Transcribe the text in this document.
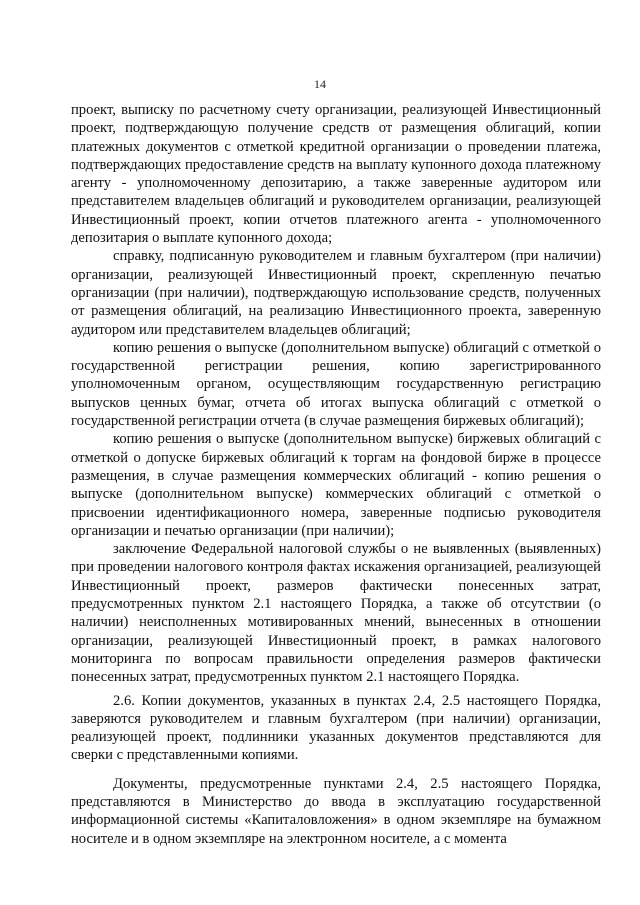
14

проект, выписку по расчетному счету организации, реализующей Инвестиционный проект, подтверждающую получение средств от размещения облигаций, копии платежных документов с отметкой кредитной организации о проведении платежа, подтверждающих предоставление средств на выплату купонного дохода платежному агенту - уполномоченному депозитарию, а также заверенные аудитором или представителем владельцев облигаций и руководителем организации, реализующей Инвестиционный проект, копии отчетов платежного агента - уполномоченного депозитария о выплате купонного дохода;

справку, подписанную руководителем и главным бухгалтером (при наличии) организации, реализующей Инвестиционный проект, скрепленную печатью организации (при наличии), подтверждающую использование средств, полученных от размещения облигаций, на реализацию Инвестиционного проекта, заверенную аудитором или представителем владельцев облигаций;

копию решения о выпуске (дополнительном выпуске) облигаций с отметкой о государственной регистрации решения, копию зарегистрированного уполномоченным органом, осуществляющим государственную регистрацию выпусков ценных бумаг, отчета об итогах выпуска облигаций с отметкой о государственной регистрации отчета (в случае размещения биржевых облигаций);

копию решения о выпуске (дополнительном выпуске) биржевых облигаций с отметкой о допуске биржевых облигаций к торгам на фондовой бирже в процессе размещения, в случае размещения коммерческих облигаций - копию решения о выпуске (дополнительном выпуске) коммерческих облигаций с отметкой о присвоении идентификационного номера, заверенные подписью руководителя организации и печатью организации (при наличии);

заключение Федеральной налоговой службы о не выявленных (выявленных) при проведении налогового контроля фактах искажения организацией, реализующей Инвестиционный проект, размеров фактически понесенных затрат, предусмотренных пунктом 2.1 настоящего Порядка, а также об отсутствии (о наличии) неисполненных мотивированных мнений, вынесенных в отношении организации, реализующей Инвестиционный проект, в рамках налогового мониторинга по вопросам правильности определения размеров фактически понесенных затрат, предусмотренных пунктом 2.1 настоящего Порядка.

2.6. Копии документов, указанных в пунктах 2.4, 2.5 настоящего Порядка, заверяются руководителем и главным бухгалтером (при наличии) организации, реализующей проект, подлинники указанных документов представляются для сверки с представленными копиями.

Документы, предусмотренные пунктами 2.4, 2.5 настоящего Порядка, представляются в Министерство до ввода в эксплуатацию государственной информационной системы «Капиталовложения» в одном экземпляре на бумажном носителе и в одном экземпляре на электронном носителе, а с момента
